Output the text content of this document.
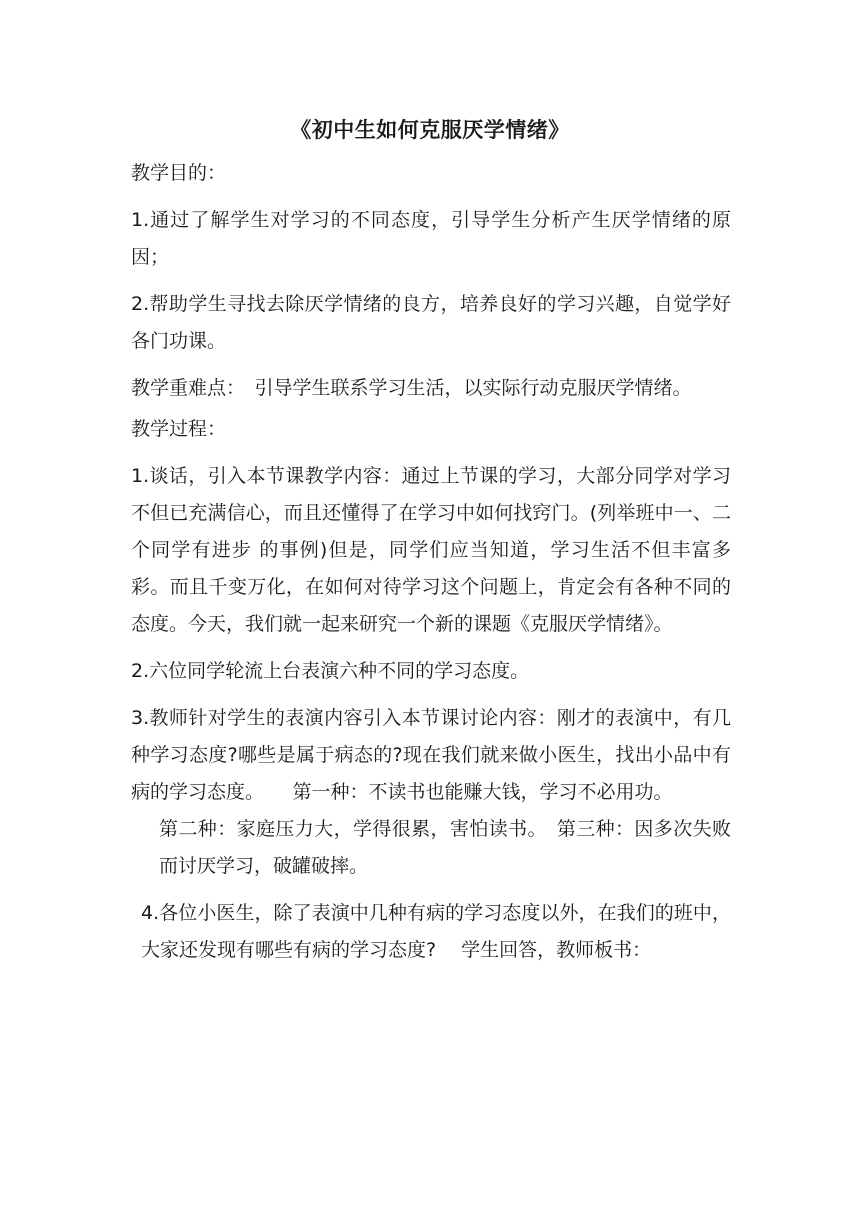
《初中生如何克服厌学情绪》

教学目的：

1.通过了解学生对学习的不同态度，引导学生分析产生厌学情绪的原因；

2.帮助学生寻找去除厌学情绪的良方，培养良好的学习兴趣，自觉学好各门功课。

教学重难点：　引导学生联系学习生活，以实际行动克服厌学情绪。

教学过程：

1.谈话，引入本节课教学内容：通过上节课的学习，大部分同学对学习不但已充满信心，而且还懂得了在学习中如何找窍门。(列举班中一、二个同学有进步 的事例)但是，同学们应当知道，学习生活不但丰富多彩。而且千变万化，在如何对待学习这个问题上，肯定会有各种不同的态度。今天，我们就一起来研究一个新的课题《克服厌学情绪》。

2.六位同学轮流上台表演六种不同的学习态度。

3.教师针对学生的表演内容引入本节课讨论内容：刚才的表演中，有几种学习态度?哪些是属于病态的?现在我们就来做小医生，找出小品中有病的学习态度。　　第一种：不读书也能赚大钱，学习不必用功。

第二种：家庭压力大，学得很累，害怕读书。　第三种：因多次失败而讨厌学习，破罐破摔。

4.各位小医生，除了表演中几种有病的学习态度以外，在我们的班中，大家还发现有哪些有病的学习态度?　 学生回答，教师板书：
